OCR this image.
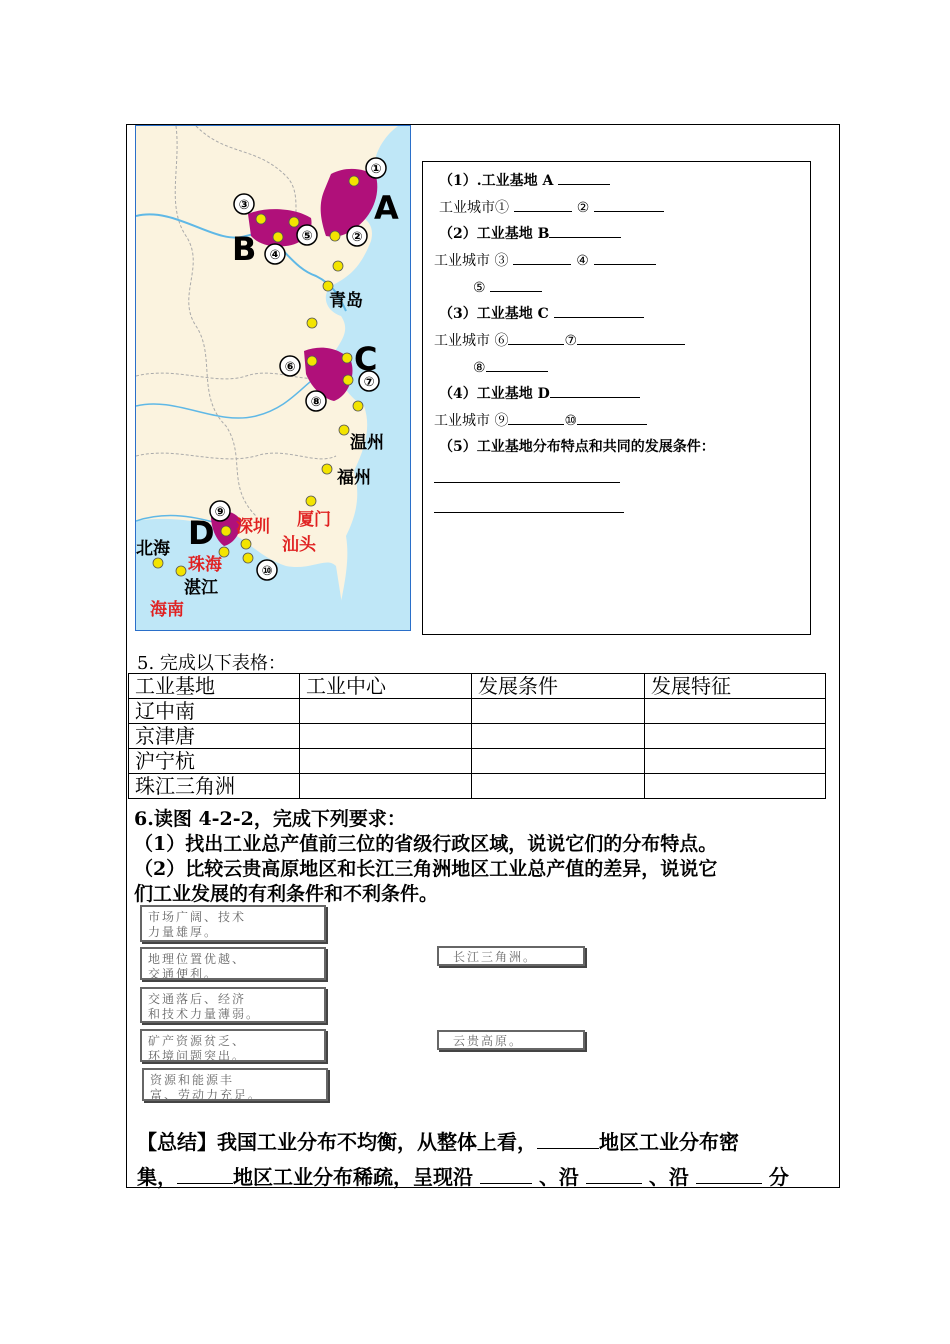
①
②
③
④
⑤
⑥
⑦
⑧
⑨
⑩
A
B
C
D
青岛
温州
福州
北海
湛江
厦门
汕头
深圳
珠海
海南
（1）.工业基地 A
工业城市①	②
（2）工业基地 B
工业城市 ③	④
⑤
（3）工业基地 C
工业城市 ⑥	⑦
⑧
（4）工业基地 D
工业城市 ⑨	⑩
（5）工业基地分布特点和共同的发展条件：
5. 完成以下表格：
工业基地	工业中心	发展条件	发展特征
辽中南			
京津唐			
沪宁杭			
珠江三角洲			
6.读图 4-2-2，完成下列要求：
（1）找出工业总产值前三位的省级行政区域，说说它们的分布特点。
（2）比较云贵高原地区和长江三角洲地区工业总产值的差异，说说它
们工业发展的有利条件和不利条件。
市场广阔、技术
力量雄厚。
地理位置优越、
交通便利。
交通落后、经济
和技术力量薄弱。
矿产资源贫乏、
环境问题突出。
资源和能源丰
富、劳动力充足。
长江三角洲。
云贵高原。
【总结】我国工业分布不均衡，从整体上看，	地区工业分布密
集，	地区工业分布稀疏，呈现沿	、沿	、沿	分
